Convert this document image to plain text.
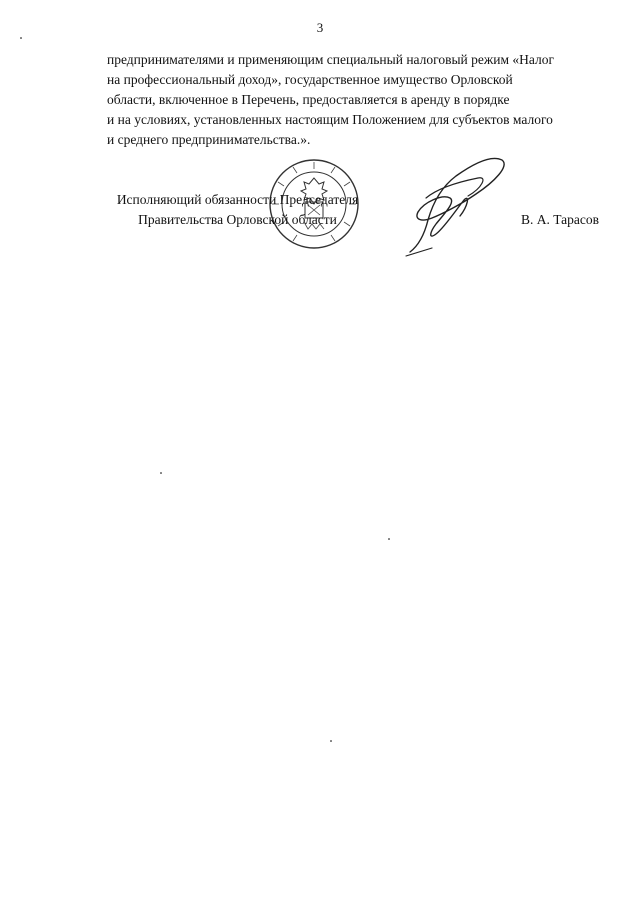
3
предпринимателями и применяющим специальный налоговый режим «Налог
на профессиональный доход», государственное имущество Орловской
области, включенное в Перечень, предоставляется в аренду в порядке
и на условиях, установленных настоящим Положением для субъектов малого
и среднего предпринимательства.».
Исполняющий обязанности Председателя
Правительства Орловской области	В. А. Тарасов
